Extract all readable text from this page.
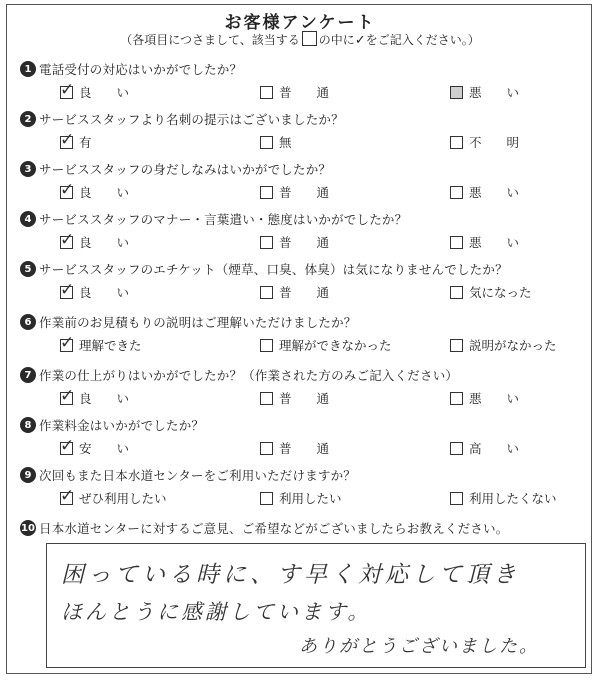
お客様アンケート
（各項目につさまして、該当する の中に✓をご記入ください。）
1 電話受付の対応はいかがでしたか？
✓
良　　い	普　　通	悪　　い
2 サービススタッフより名刺の提示はございましたか？
✓
有	無	不　　明
3 サービススタッフの身だしなみはいかがでしたか？
✓
良　　い	普　　通	悪　　い
4 サービススタッフのマナー・言葉遣い・態度はいかがでしたか？
✓
良　　い	普　　通	悪　　い
5 サービススタッフのエチケット（煙草、口臭、体臭）は気になりませんでしたか？
✓
良　　い	普　　通	気になった
6 作業前のお見積もりの説明はご理解いただけましたか？
✓
理解できた	理解ができなかった	説明がなかった
7 作業の仕上がりはいかがでしたか？（作業された方のみご記入ください）
✓
良　　い	普　　通	悪　　い
8 作業料金はいかがでしたか？
✓
安　　い	普　　通	高　　い
9 次回もまた日本水道センターをご利用いただけますか？
✓
ぜひ利用したい	利用したい	利用したくない
10 日本水道センターに対するご意見、ご希望などがございましたらお教えください。
困っている時に、す早く対応して頂き
ほんとうに感謝しています。
ありがとうございました。
